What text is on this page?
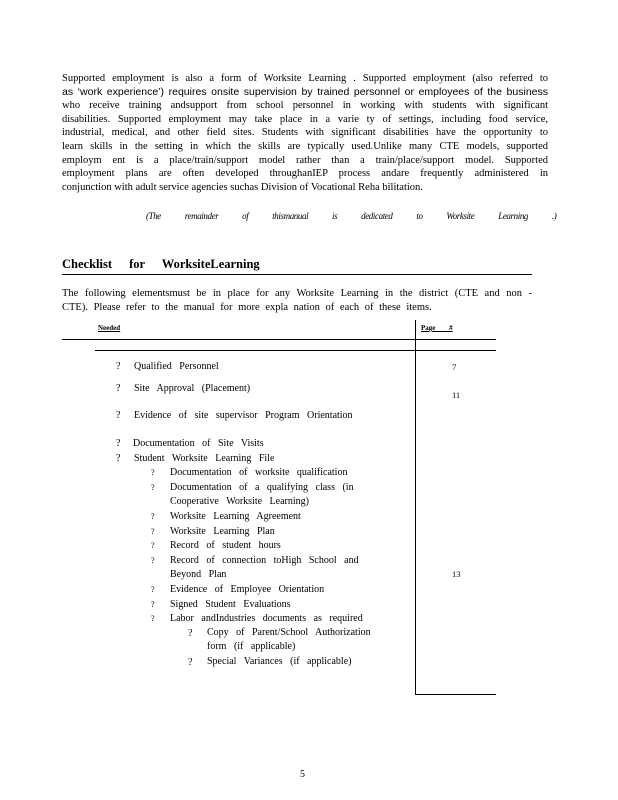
Supported employment is also a form of Worksite Learning . Supported employment (also referred to
as ‘work experience’) requires onsite supervision by trained personnel or employees of the business
who receive training andsupport from school personnel in working with students with significant
disabilities. Supported employment may take place in a varie ty of settings, including food service,
industrial, medical, and other field sites. Students with significant disabilities have the opportunity to
learn skills in the setting in which the skills are typically used.Unlike many CTE models, supported
employm ent is a place/train/support model rather than a train/place/support model. Supported
employment plans are often developed throughanIEP process andare frequently administered in
conjunction with adult service agencies suchas Division of Vocational Reha bilitation.
(The remainder of thismanual is dedicated to Worksite Learning .)
Checklist for WorksiteLearning
The following elementsmust be in place for any Worksite Learning in the district (CTE and non -
CTE). Please refer to the manual for more expla nation of each of these items.
Needed	Page #
? Qualified Personnel
? Site Approval (Placement)
? Evidence of site supervisor Program Orientation
? Documentation of Site Visits
? Student Worksite Learning File
? Documentation of worksite qualification
? Documentation of a qualifying class (in
Cooperative Worksite Learning)
? Worksite Learning Agreement
? Worksite Learning Plan
? Record of student hours
? Record of connection toHigh School and
Beyond Plan
? Evidence of Employee Orientation
? Signed Student Evaluations
? Labor andIndustries documents as required
? Copy of Parent/School Authorization
form (if applicable)
? Special Variances (if applicable)
7
11
13
5
